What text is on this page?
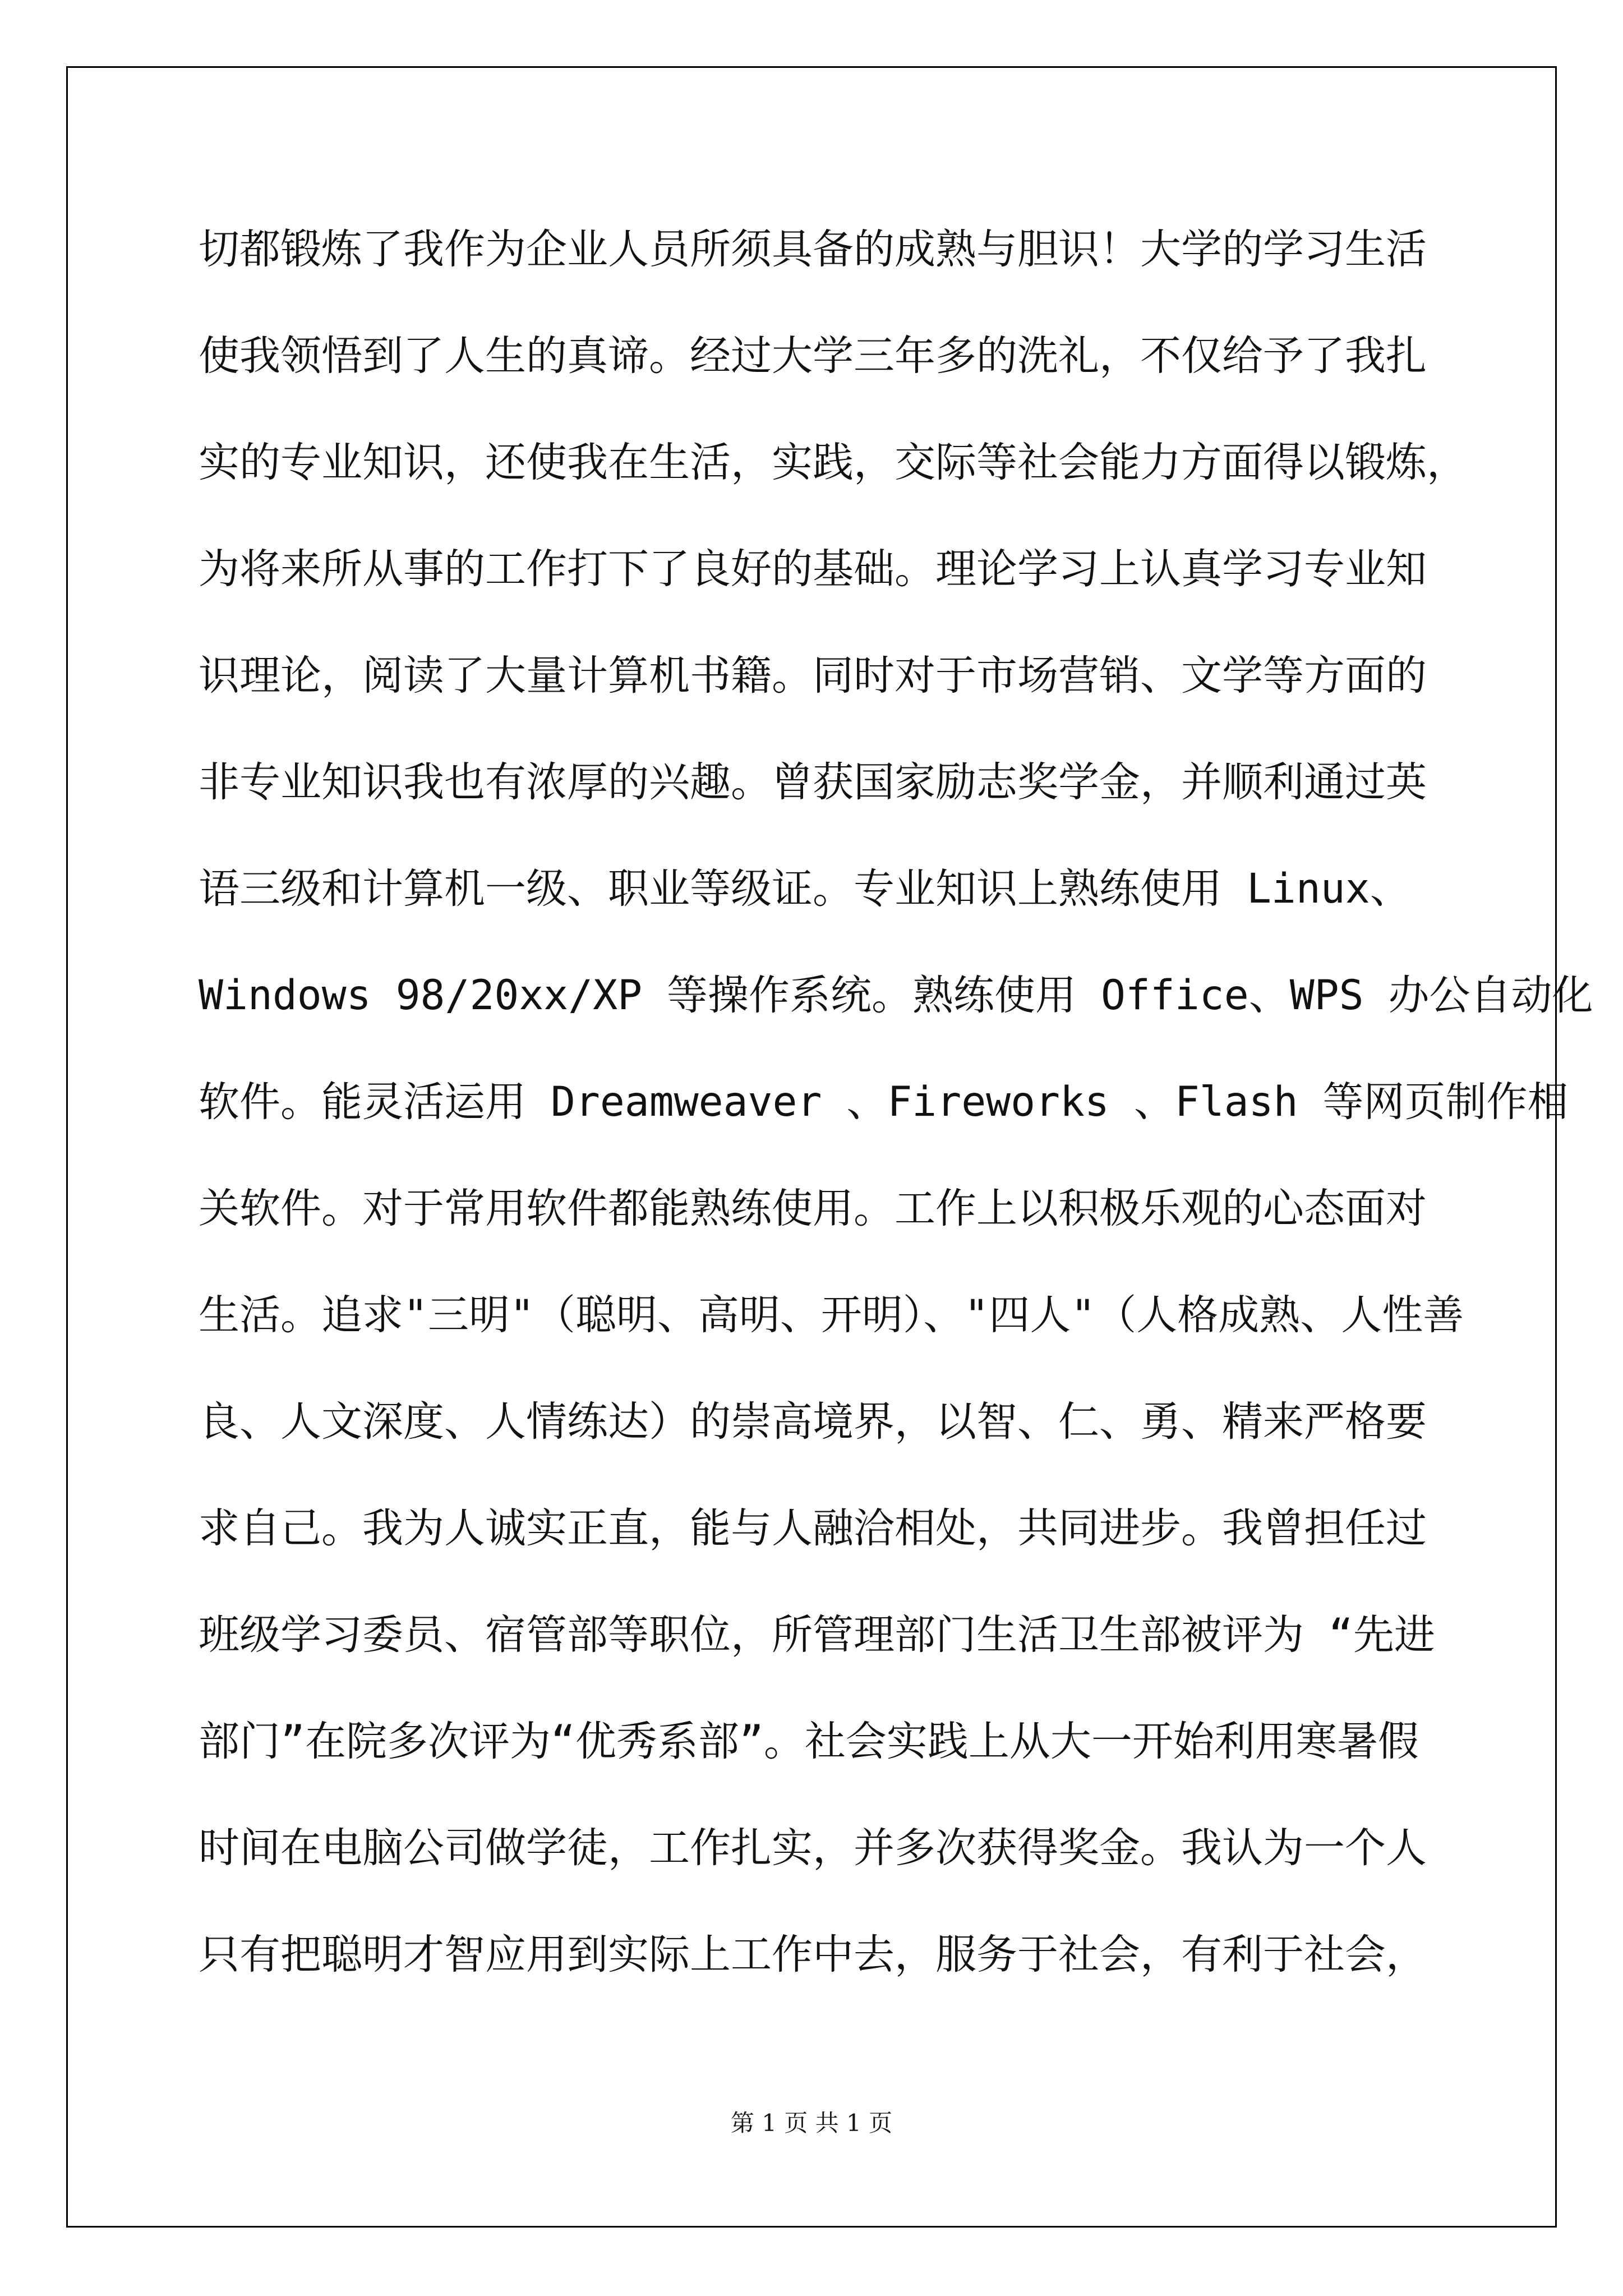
切都锻炼了我作为企业人员所须具备的成熟与胆识！大学的学习生活
使我领悟到了人生的真谛。经过大学三年多的洗礼，不仅给予了我扎
实的专业知识，还使我在生活，实践，交际等社会能力方面得以锻炼，
为将来所从事的工作打下了良好的基础。理论学习上认真学习专业知
识理论，阅读了大量计算机书籍。同时对于市场营销、文学等方面的
非专业知识我也有浓厚的兴趣。曾获国家励志奖学金，并顺利通过英
语三级和计算机一级、职业等级证。专业知识上熟练使用 Linux、
Windows 98/20xx/XP 等操作系统。熟练使用 Office、WPS 办公自动化
软件。能灵活运用 Dreamweaver 、Fireworks 、Flash 等网页制作相
关软件。对于常用软件都能熟练使用。工作上以积极乐观的心态面对
生活。追求"三明"（聪明、高明、开明）、"四人"（人格成熟、人性善
良、人文深度、人情练达）的崇高境界，以智、仁、勇、精来严格要
求自己。我为人诚实正直，能与人融洽相处，共同进步。我曾担任过
班级学习委员、宿管部等职位，所管理部门生活卫生部被评为 “先进
部门”在院多次评为“优秀系部”。社会实践上从大一开始利用寒暑假
时间在电脑公司做学徒，工作扎实，并多次获得奖金。我认为一个人
只有把聪明才智应用到实际上工作中去，服务于社会，有利于社会，
第 1 页 共 1 页
